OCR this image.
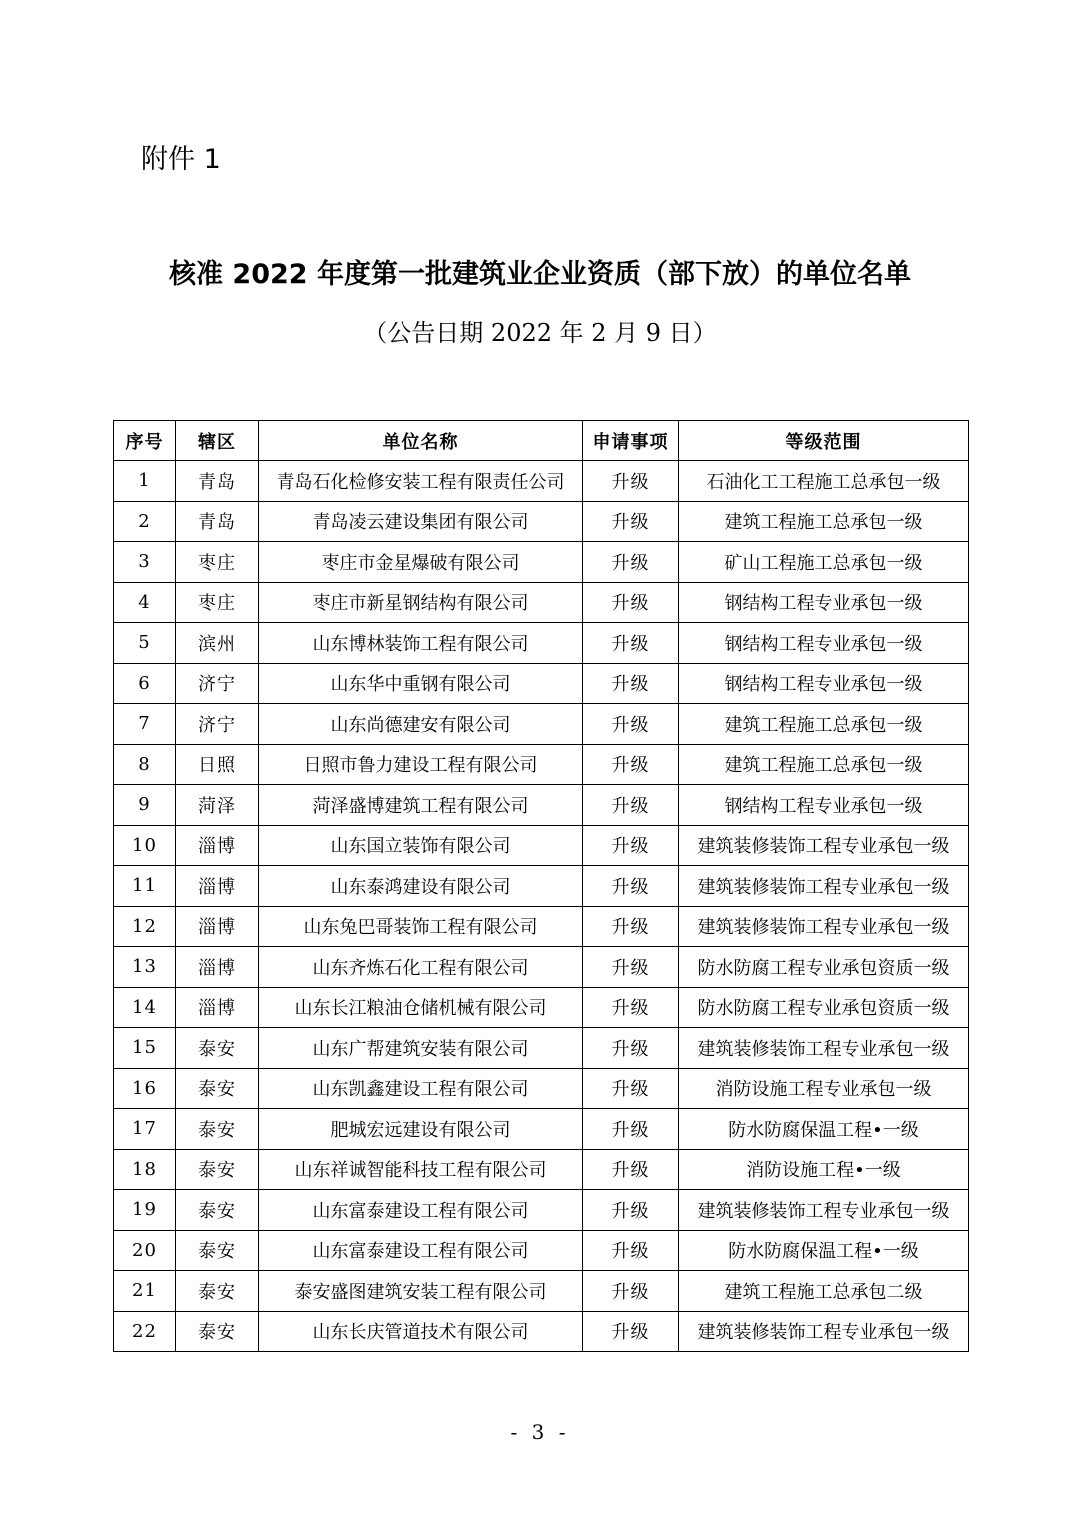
附件 1
核准 2022 年度第一批建筑业企业资质（部下放）的单位名单
（公告日期 2022 年 2 月 9 日）
序号	辖区	单位名称	申请事项	等级范围
1	青岛	青岛石化检修安装工程有限责任公司	升级	石油化工工程施工总承包一级
2	青岛	青岛凌云建设集团有限公司	升级	建筑工程施工总承包一级
3	枣庄	枣庄市金星爆破有限公司	升级	矿山工程施工总承包一级
4	枣庄	枣庄市新星钢结构有限公司	升级	钢结构工程专业承包一级
5	滨州	山东博林装饰工程有限公司	升级	钢结构工程专业承包一级
6	济宁	山东华中重钢有限公司	升级	钢结构工程专业承包一级
7	济宁	山东尚德建安有限公司	升级	建筑工程施工总承包一级
8	日照	日照市鲁力建设工程有限公司	升级	建筑工程施工总承包一级
9	菏泽	菏泽盛博建筑工程有限公司	升级	钢结构工程专业承包一级
10	淄博	山东国立装饰有限公司	升级	建筑装修装饰工程专业承包一级
11	淄博	山东泰鸿建设有限公司	升级	建筑装修装饰工程专业承包一级
12	淄博	山东兔巴哥装饰工程有限公司	升级	建筑装修装饰工程专业承包一级
13	淄博	山东齐炼石化工程有限公司	升级	防水防腐工程专业承包资质一级
14	淄博	山东长江粮油仓储机械有限公司	升级	防水防腐工程专业承包资质一级
15	泰安	山东广帮建筑安装有限公司	升级	建筑装修装饰工程专业承包一级
16	泰安	山东凯鑫建设工程有限公司	升级	消防设施工程专业承包一级
17	泰安	肥城宏远建设有限公司	升级	防水防腐保温工程•一级
18	泰安	山东祥诚智能科技工程有限公司	升级	消防设施工程•一级
19	泰安	山东富泰建设工程有限公司	升级	建筑装修装饰工程专业承包一级
20	泰安	山东富泰建设工程有限公司	升级	防水防腐保温工程•一级
21	泰安	泰安盛图建筑安装工程有限公司	升级	建筑工程施工总承包二级
22	泰安	山东长庆管道技术有限公司	升级	建筑装修装饰工程专业承包一级
- 3 -
